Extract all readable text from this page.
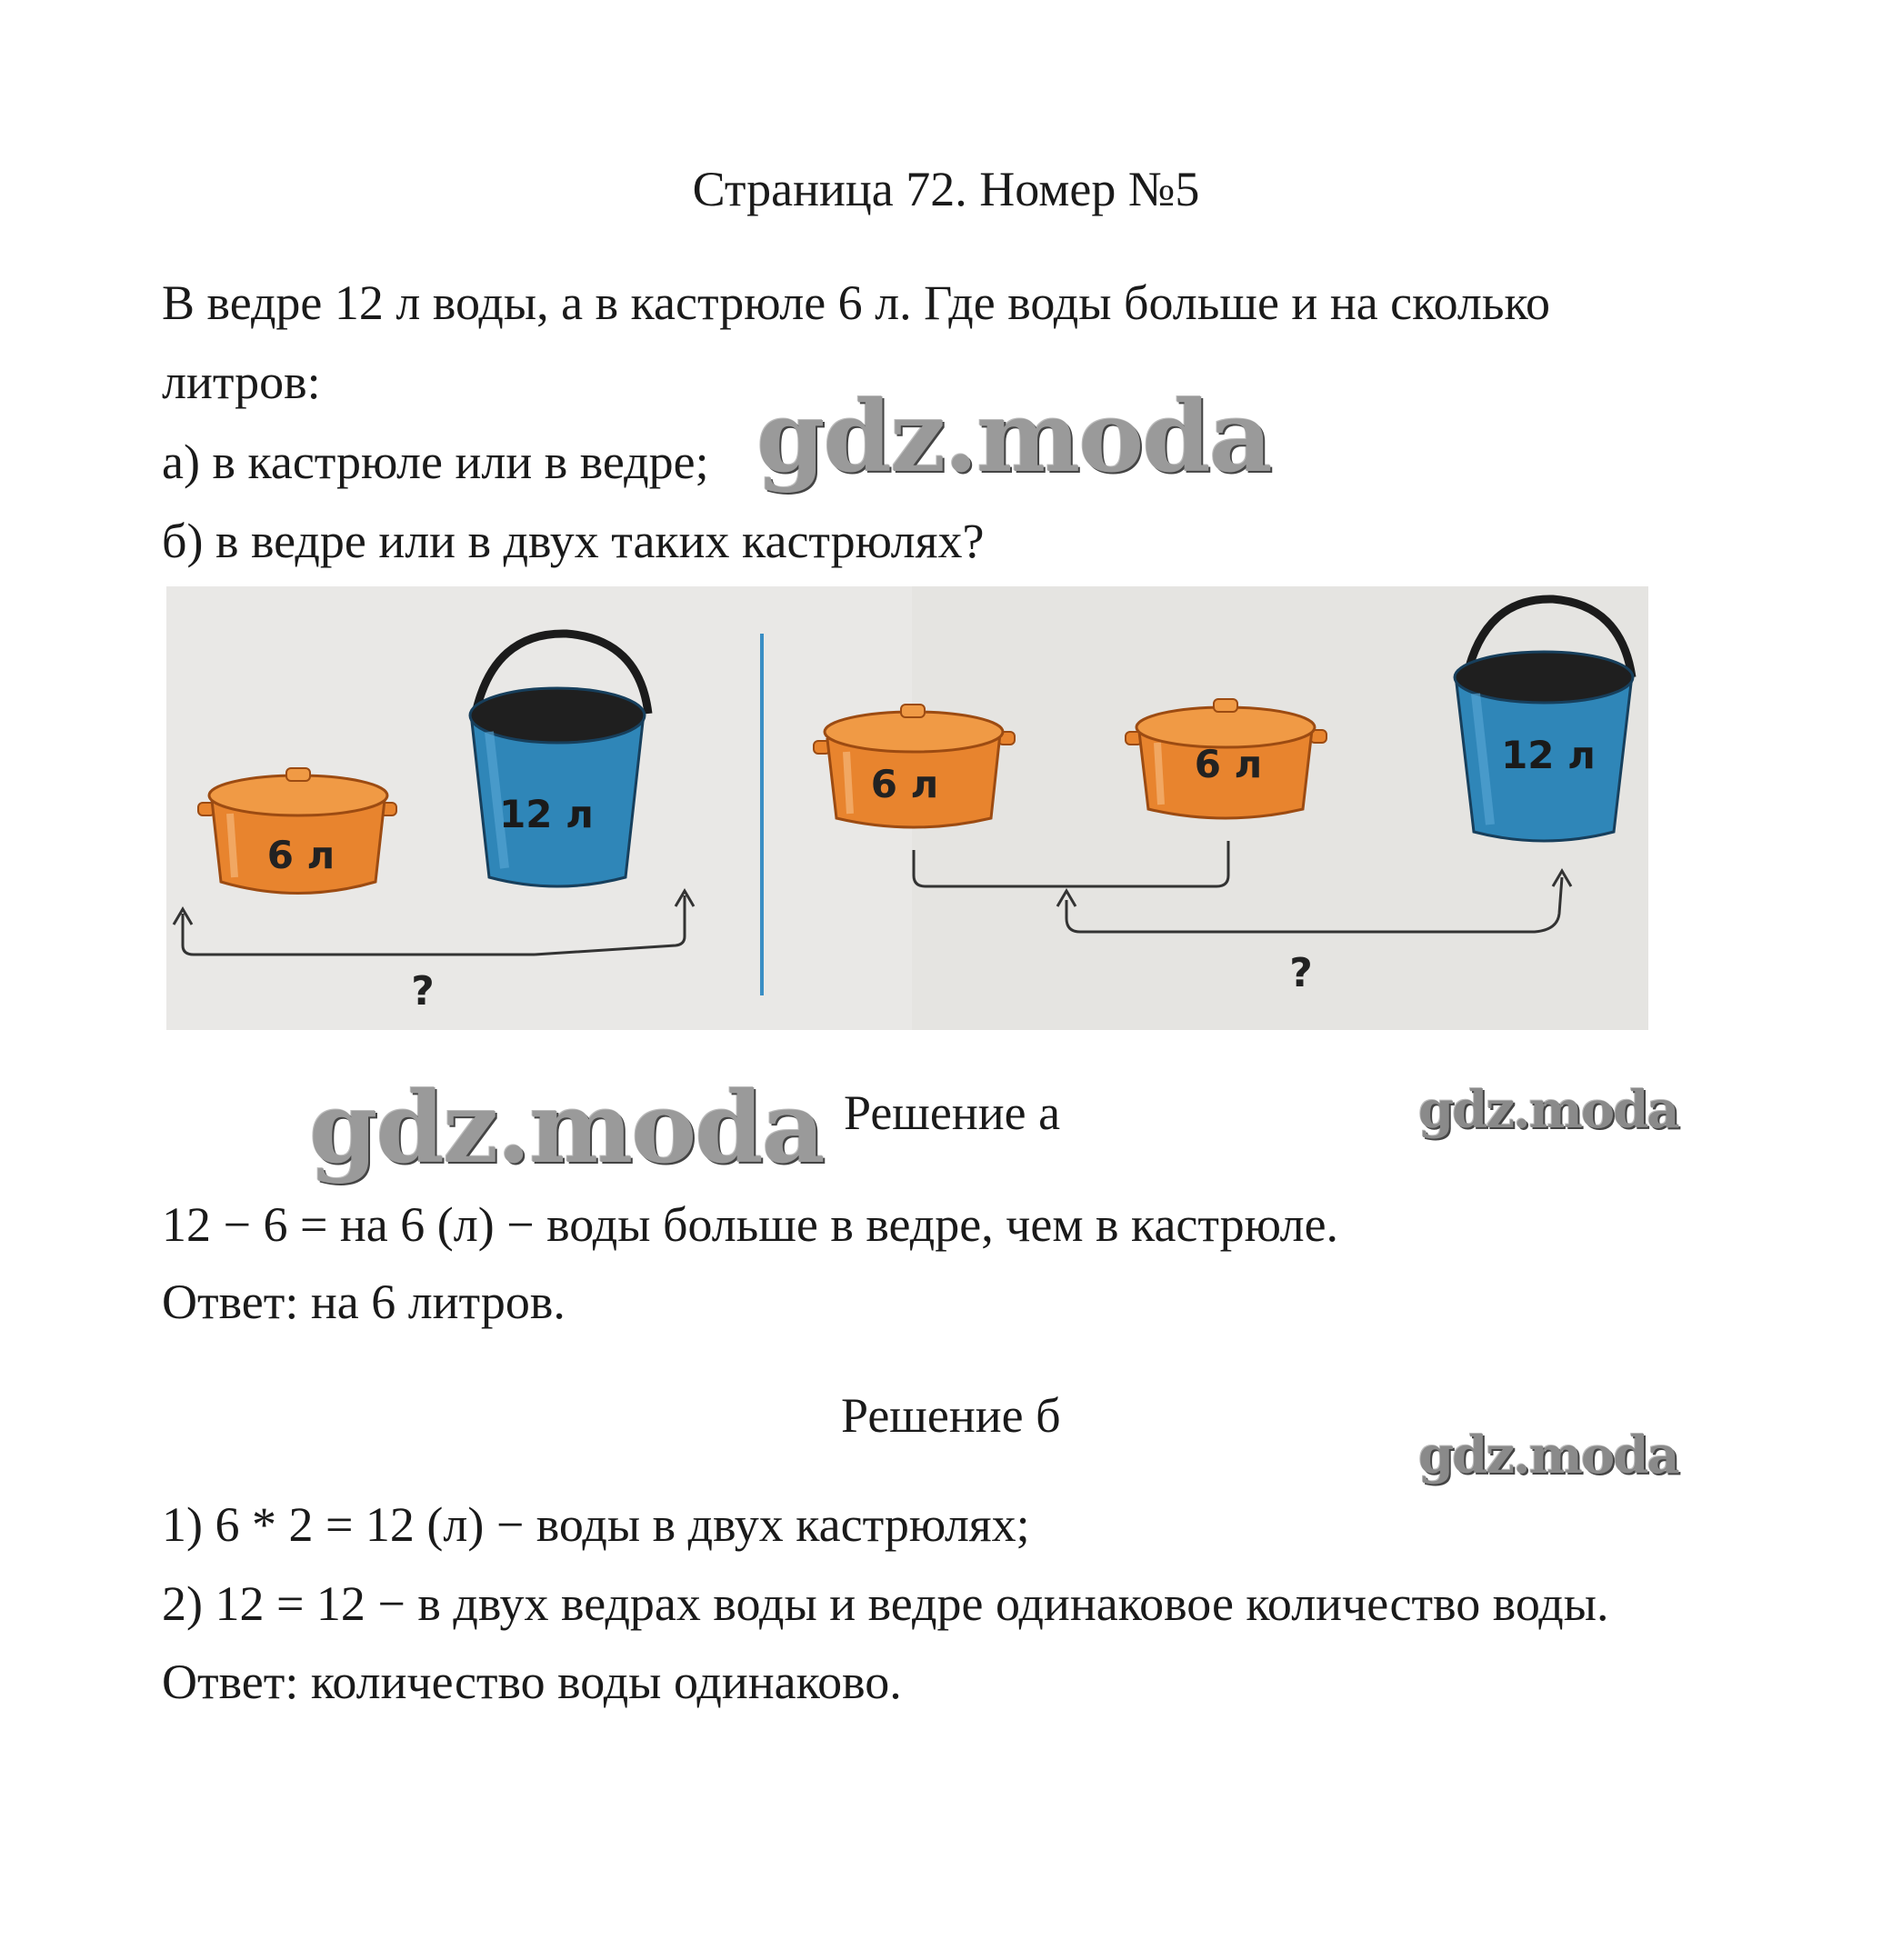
Страница 72. Номер №5
В ведре 12 л воды, а в кастрюле 6 л. Где воды больше и на сколько
литров:
а) в кастрюле или в ведре;
б) в ведре или в двух таких кастрюлях?
gdz.moda
6 л
12 л
?
6 л	6 л	12 л
?
gdz.moda Решение а	gdz.moda
12 − 6 = на 6 (л) − воды больше в ведре, чем в кастрюле.
Ответ: на 6 литров.
Решение б
gdz.moda
1) 6 * 2 = 12 (л) − воды в двух кастрюлях;
2) 12 = 12 − в двух ведрах воды и ведре одинаковое количество воды.
Ответ: количество воды одинаково.
